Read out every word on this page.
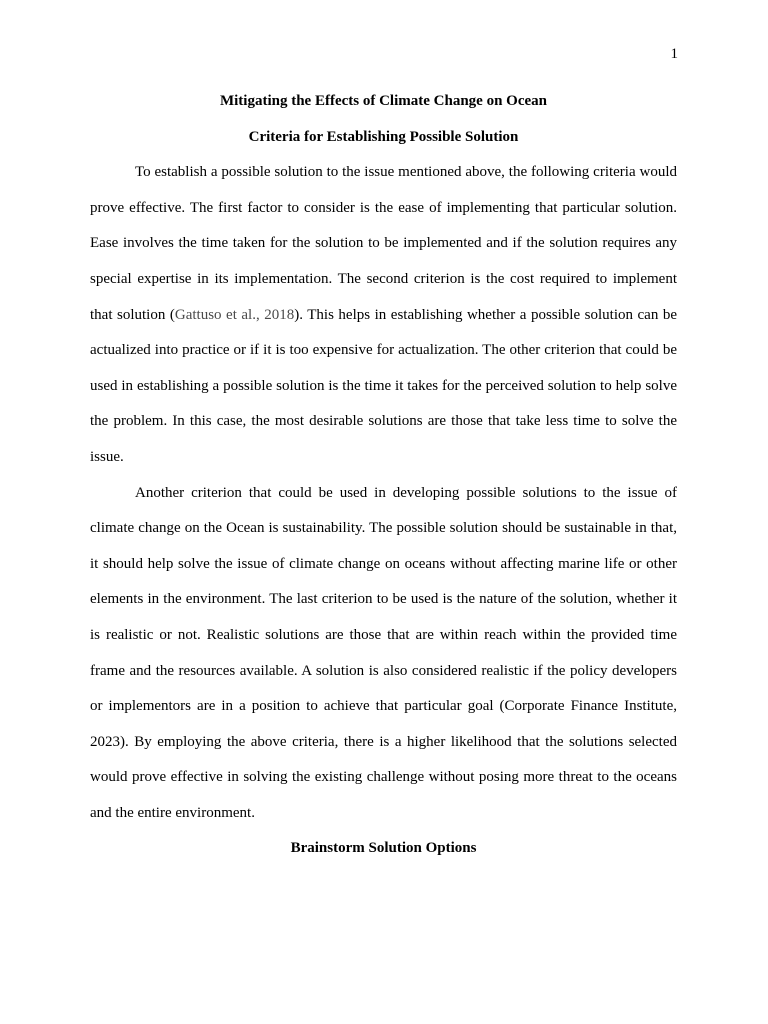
1
Mitigating the Effects of Climate Change on Ocean
Criteria for Establishing Possible Solution

To establish a possible solution to the issue mentioned above, the following criteria would prove effective. The first factor to consider is the ease of implementing that particular solution. Ease involves the time taken for the solution to be implemented and if the solution requires any special expertise in its implementation. The second criterion is the cost required to implement that solution (Gattuso et al., 2018). This helps in establishing whether a possible solution can be actualized into practice or if it is too expensive for actualization. The other criterion that could be used in establishing a possible solution is the time it takes for the perceived solution to help solve the problem. In this case, the most desirable solutions are those that take less time to solve the issue.

Another criterion that could be used in developing possible solutions to the issue of climate change on the Ocean is sustainability. The possible solution should be sustainable in that, it should help solve the issue of climate change on oceans without affecting marine life or other elements in the environment. The last criterion to be used is the nature of the solution, whether it is realistic or not. Realistic solutions are those that are within reach within the provided time frame and the resources available. A solution is also considered realistic if the policy developers or implementors are in a position to achieve that particular goal (Corporate Finance Institute, 2023). By employing the above criteria, there is a higher likelihood that the solutions selected would prove effective in solving the existing challenge without posing more threat to the oceans and the entire environment.

Brainstorm Solution Options
